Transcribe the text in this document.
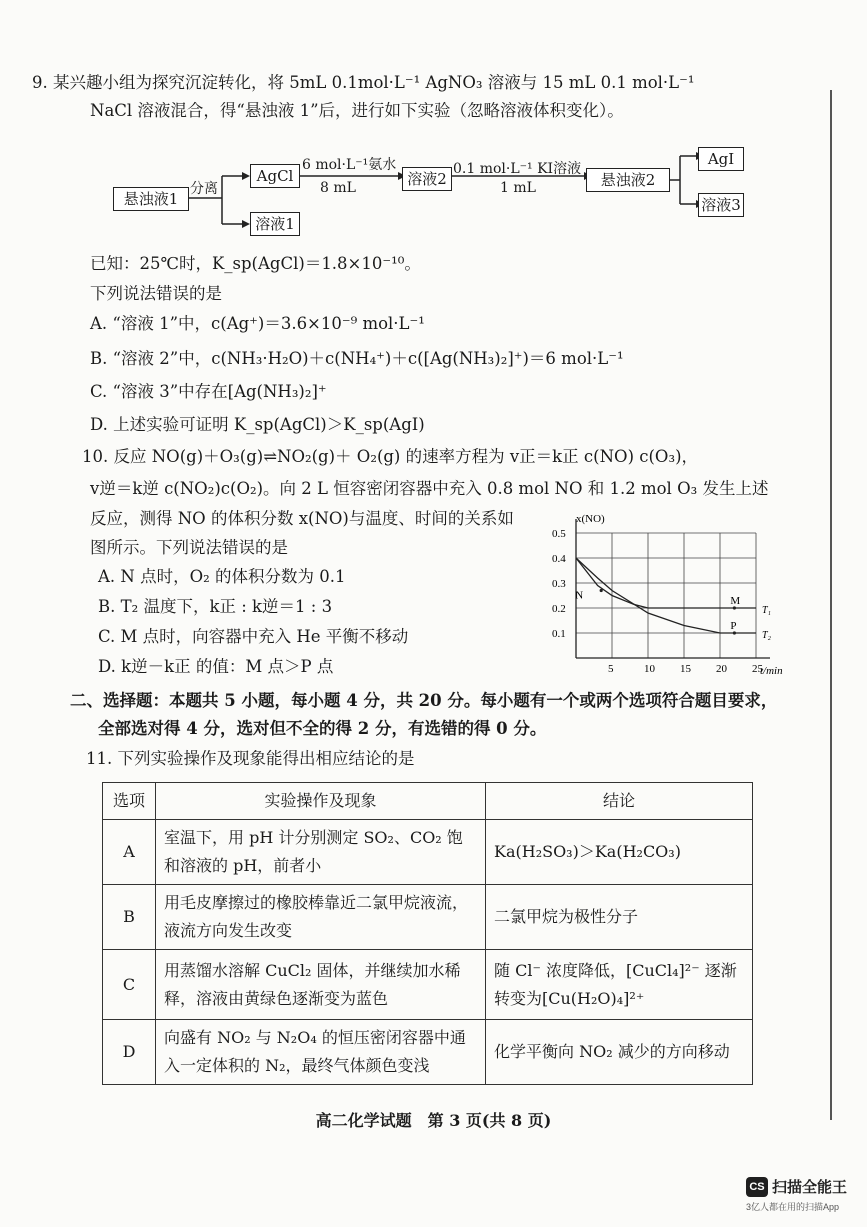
9. 某兴趣小组为探究沉淀转化，将 5mL 0.1mol·L⁻¹ AgNO₃ 溶液与 15 mL 0.1 mol·L⁻¹
NaCl 溶液混合，得“悬浊液 1”后，进行如下实验（忽略溶液体积变化）。
悬浊液1
分离
AgCl
溶液1
6 mol·L⁻¹氨水
8 mL	溶液2
0.1 mol·L⁻¹ KI溶液
1 mL	悬浊液2
AgI
溶液3
已知：25℃时，K_sp(AgCl)＝1.8×10⁻¹⁰。
下列说法错误的是
A. “溶液 1”中，c(Ag⁺)＝3.6×10⁻⁹ mol·L⁻¹
B. “溶液 2”中，c(NH₃·H₂O)＋c(NH₄⁺)＋c([Ag(NH₃)₂]⁺)＝6 mol·L⁻¹
C. “溶液 3”中存在[Ag(NH₃)₂]⁺
D. 上述实验可证明 K_sp(AgCl)＞K_sp(AgI)
10. 反应 NO(g)＋O₃(g)⇌NO₂(g)＋ O₂(g) 的速率方程为 v正＝k正 c(NO) c(O₃)，
v逆＝k逆 c(NO₂)c(O₂)。向 2 L 恒容密闭容器中充入 0.8 mol NO 和 1.2 mol O₃ 发生上述
反应，测得 NO 的体积分数 x(NO)与温度、时间的关系如
图所示。下列说法错误的是
A. N 点时，O₂ 的体积分数为 0.1
B. T₂ 温度下，k正 : k逆＝1 : 3
C. M 点时，向容器中充入 He 平衡不移动
D. k逆－k正 的值：M 点＞P 点	5	10 15 20 25
0.1
0.2
0.3
0.4
0.5
T₁
T₂
N	M
P
x(NO)
t/min
二、选择题：本题共 5 小题，每小题 4 分，共 20 分。每小题有一个或两个选项符合题目要求，
全部选对得 4 分，选对但不全的得 2 分，有选错的得 0 分。
11. 下列实验操作及现象能得出相应结论的是
选项	实验操作及现象	结论
A	室温下，用 pH 计分别测定 SO₂、CO₂ 饱和溶液的 pH，前者小	Ka(H₂SO₃)＞Ka(H₂CO₃)
B	用毛皮摩擦过的橡胶棒靠近二氯甲烷液流，液流方向发生改变	二氯甲烷为极性分子
C	用蒸馏水溶解 CuCl₂ 固体，并继续加水稀释，溶液由黄绿色逐渐变为蓝色	随 Cl⁻ 浓度降低，[CuCl₄]²⁻ 逐渐转变为[Cu(H₂O)₄]²⁺
D	向盛有 NO₂ 与 N₂O₄ 的恒压密闭容器中通入一定体积的 N₂，最终气体颜色变浅	化学平衡向 NO₂ 减少的方向移动
高二化学试题　第 3 页(共 8 页)
CS 扫描全能王
3亿人都在用的扫描App
